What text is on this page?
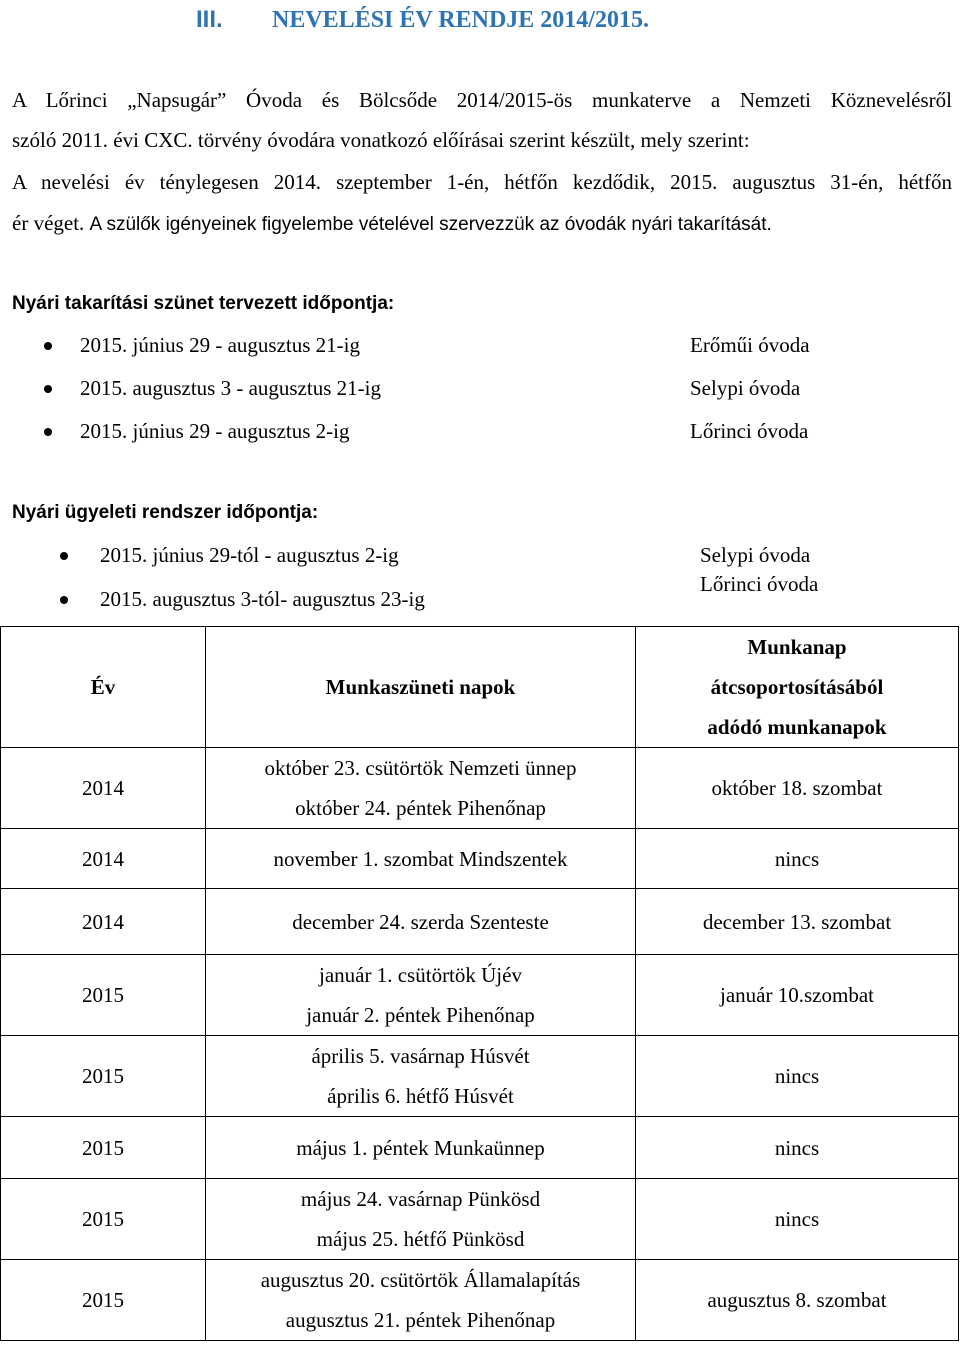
III. NEVELÉSI ÉV RENDJE 2014/2015.
A Lőrinci „Napsugár” Óvoda és Bölcsőde 2014/2015-ös munkaterve a Nemzeti Köznevelésről
szóló 2011. évi CXC. törvény óvodára vonatkozó előírásai szerint készült, mely szerint:
A nevelési év ténylegesen 2014. szeptember 1-én, hétfőn kezdődik, 2015. augusztus 31-én, hétfőn
ér véget. A szülők igényeinek figyelembe vételével szervezzük az óvodák nyári takarítását.
Nyári takarítási szünet tervezett időpontja:
2015. június 29 - augusztus 21-ig	Erőműi óvoda
2015. augusztus 3 - augusztus 21-ig	Selypi óvoda
2015. június 29 - augusztus 2-ig	Lőrinci óvoda
Nyári ügyeleti rendszer időpontja:
2015. június 29-tól - augusztus 2-ig	Selypi óvoda
2015. augusztus 3-tól- augusztus 23-ig
Lőrinci óvoda
Év	Munkaszüneti napok	Munkanap
átcsoportosításából
adódó munkanapok

2014	október 23. csütörtök Nemzeti ünnep
október 24. péntek Pihenőnap	október 18. szombat
2014	november 1. szombat Mindszentek	nincs
2014	december 24. szerda Szenteste	december 13. szombat
2015	január 1. csütörtök Újév
január 2. péntek Pihenőnap	január 10.szombat
2015	április 5. vasárnap Húsvét
április 6. hétfő Húsvét	nincs
2015	május 1. péntek Munkaünnep	nincs
2015	május 24. vasárnap Pünkösd
május 25. hétfő Pünkösd	nincs
2015	augusztus 20. csütörtök Államalapítás
augusztus 21. péntek Pihenőnap	augusztus 8. szombat
